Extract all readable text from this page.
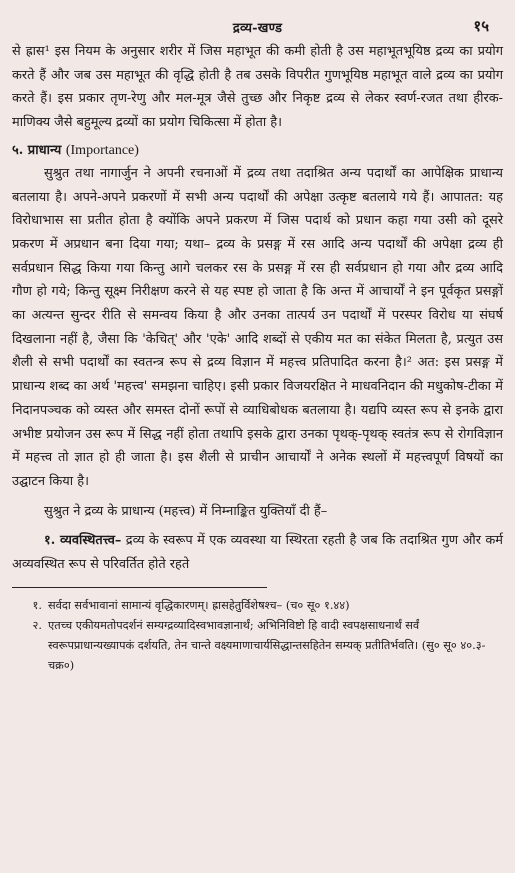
द्रव्य-खण्ड	१५

से ह्रास¹ इस नियम के अनुसार शरीर में जिस महाभूत की कमी होती है उस महाभूतभूयिष्ठ द्रव्य का प्रयोग करते हैं और जब उस महाभूत की वृद्धि होती है तब उसके विपरीत गुणभूयिष्ठ महाभूत वाले द्रव्य का प्रयोग करते हैं। इस प्रकार तृण-रेणु और मल-मूत्र जैसे तुच्छ और निकृष्ट द्रव्य से लेकर स्वर्ण-रजत तथा हीरक-माणिक्य जैसे बहुमूल्य द्रव्यों का प्रयोग चिकित्सा में होता है।

५. प्राधान्य (Importance)

सुश्रुत तथा नागार्जुन ने अपनी रचनाओं में द्रव्य तथा तदाश्रित अन्य पदार्थों का आपेक्षिक प्राधान्य बतलाया है। अपने-अपने प्रकरणों में सभी अन्य पदार्थों की अपेक्षा उत्कृष्ट बतलाये गये हैं। आपातत: यह विरोधाभास सा प्रतीत होता है क्योंकि अपने प्रकरण में जिस पदार्थ को प्रधान कहा गया उसी को दूसरे प्रकरण में अप्रधान बना दिया गया; यथा– द्रव्य के प्रसङ्ग में रस आदि अन्य पदार्थों की अपेक्षा द्रव्य ही सर्वप्रधान सिद्ध किया गया किन्तु आगे चलकर रस के प्रसङ्ग में रस ही सर्वप्रधान हो गया और द्रव्य आदि गौण हो गये; किन्तु सूक्ष्म निरीक्षण करने से यह स्पष्ट हो जाता है कि अन्त में आचार्यों ने इन पूर्वकृत प्रसङ्गों का अत्यन्त सुन्दर रीति से समन्वय किया है और उनका तात्पर्य उन पदार्थों में परस्पर विरोध या संघर्ष दिखलाना नहीं है, जैसा कि 'केचित्' और 'एके' आदि शब्दों से एकीय मत का संकेत मिलता है, प्रत्युत उस शैली से सभी पदार्थों का स्वतन्त्र रूप से द्रव्य विज्ञान में महत्त्व प्रतिपादित करना है।² अत: इस प्रसङ्ग में प्राधान्य शब्द का अर्थ 'महत्त्व' समझना चाहिए। इसी प्रकार विजयरक्षित ने माधवनिदान की मधुकोष-टीका में निदानपञ्चक को व्यस्त और समस्त दोनों रूपों से व्याधिबोधक बतलाया है। यद्यपि व्यस्त रूप से इनके द्वारा अभीष्ट प्रयोजन उस रूप में सिद्ध नहीं होता तथापि इसके द्वारा उनका पृथक्-पृथक् स्वतंत्र रूप से रोगविज्ञान में महत्त्व तो ज्ञात हो ही जाता है। इस शैली से प्राचीन आचार्यों ने अनेक स्थलों में महत्त्वपूर्ण विषयों का उद्घाटन किया है।

सुश्रुत ने द्रव्य के प्राधान्य (महत्त्व) में निम्नाङ्कित युक्तियाँ दी हैं–

१. व्यवस्थितत्त्व– द्रव्य के स्वरूप में एक व्यवस्था या स्थिरता रहती है जब कि तदाश्रित गुण और कर्म अव्यवस्थित रूप से परिवर्तित होते रहते

१. सर्वदा सर्वभावानां सामान्यं वृद्धिकारणम्। ह्रासहेतुर्विशेषश्च– (च० सू० १.४४)
२. एतच्च एकीयमतोपदर्शनं सम्यग्द्रव्यादिस्वभावज्ञानार्थं; अभिनिविष्टो हि वादी स्वपक्षसाधनार्थं सर्वं स्वरूपप्राधान्यख्यापकं दर्शयति, तेन चान्ते वक्ष्यमाणाचार्यसिद्धान्तसहितेन सम्यक् प्रतीतिर्भवति। (सु० सू० ४०.३-चक्र०)
